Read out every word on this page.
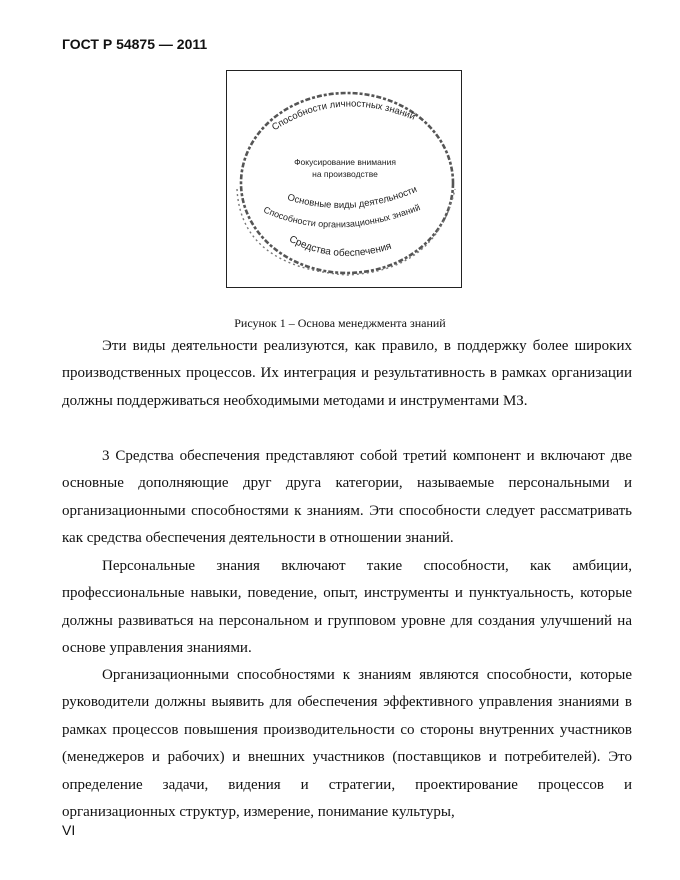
ГОСТ Р 54875 — 2011
Способности личностных знаний
Фокусирование внимания
на производстве
Основные виды деятельности
Способности организационных знаний
Средства обеспечения
Рисунок 1 – Основа менеджмента знаний

Эти виды деятельности реализуются, как правило, в поддержку более широких производственных процессов. Их интеграция и результативность в рамках организации должны поддерживаться необходимыми методами и инструментами МЗ.

3 Средства обеспечения представляют собой третий компонент и включают две основные дополняющие друг друга категории, называемые персональными и организационными способностями к знаниям. Эти способности следует рассматривать как средства обеспечения деятельности в отношении знаний.

Персональные знания включают такие способности, как амбиции, профессиональные навыки, поведение, опыт, инструменты и пунктуальность, которые должны развиваться на персональном и групповом уровне для создания улучшений на основе управления знаниями.

Организационными способностями к знаниям являются способности, которые руководители должны выявить для обеспечения эффективного управления знаниями в рамках процессов повышения производительности со стороны внутренних участников (менеджеров и рабочих) и внешних участников (поставщиков и потребителей). Это определение задачи, видения и стратегии, проектирование процессов и организационных структур, измерение, понимание культуры,

VI
